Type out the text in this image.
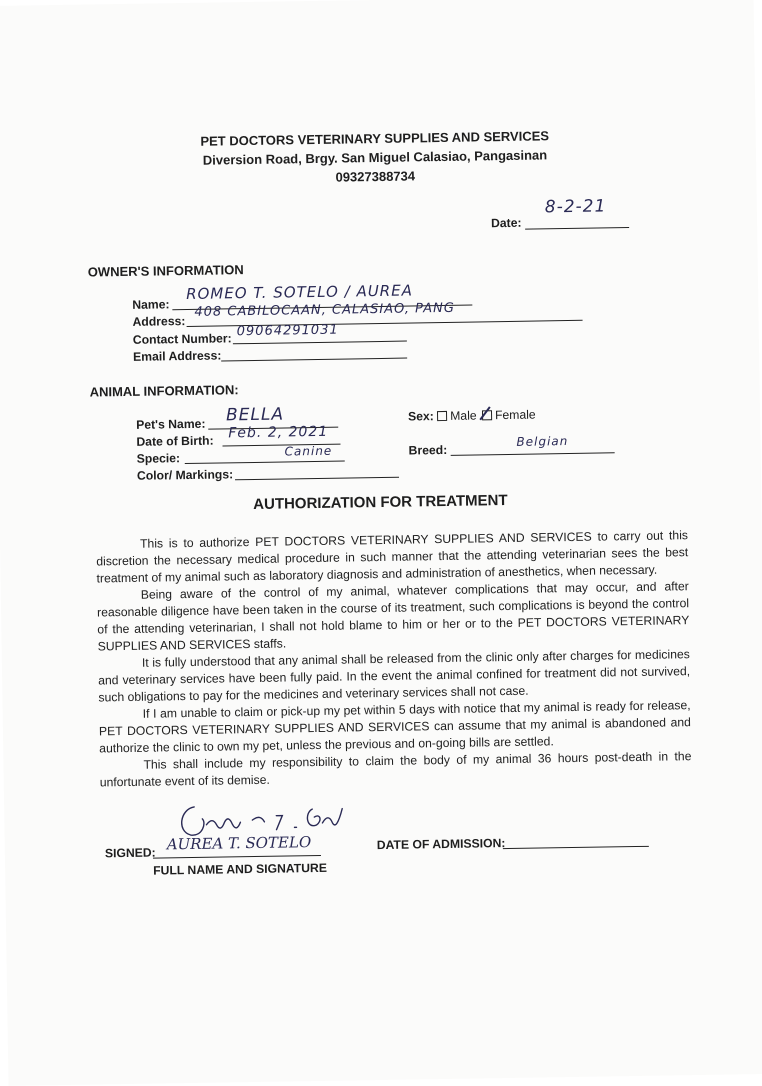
PET DOCTORS VETERINARY SUPPLIES AND SERVICES
Diversion Road, Brgy. San Miguel Calasiao, Pangasinan
09327388734
Date:
8-2-21
OWNER'S INFORMATION
Name:
ROMEO T. SOTELO / AUREA
Address:
408 CABILOCAAN, CALASIAO, PANG
Contact Number: 09064291031
Email Address:
ANIMAL INFORMATION:
Pet's Name: BELLA
Date of Birth: Feb. 2, 2021
Specie:	Canine
Color/ Markings:
Sex: Male Female
Breed:
Belgian
AUTHORIZATION FOR TREATMENT

This is to authorize PET DOCTORS VETERINARY SUPPLIES AND SERVICES to carry out this discretion the necessary medical procedure in such manner that the attending veterinarian sees the best treatment of my animal such as laboratory diagnosis and administration of anesthetics, when necessary.

Being aware of the control of my animal, whatever complications that may occur, and after reasonable diligence have been taken in the course of its treatment, such complications is beyond the control of the attending veterinarian, I shall not hold blame to him or her or to the PET DOCTORS VETERINARY SUPPLIES AND SERVICES staffs.

It is fully understood that any animal shall be released from the clinic only after charges for medicines and veterinary services have been fully paid. In the event the animal confined for treatment did not survived, such obligations to pay for the medicines and veterinary services shall not case.

If I am unable to claim or pick-up my pet within 5 days with notice that my animal is ready for release, PET DOCTORS VETERINARY SUPPLIES AND SERVICES can assume that my animal is abandoned and authorize the clinic to own my pet, unless the previous and on-going bills are settled.

This shall include my responsibility to claim the body of my animal 36 hours post-death in the unfortunate event of its demise.

SIGNED: AUREA T. SOTELO
FULL NAME AND SIGNATURE
DATE OF ADMISSION:
